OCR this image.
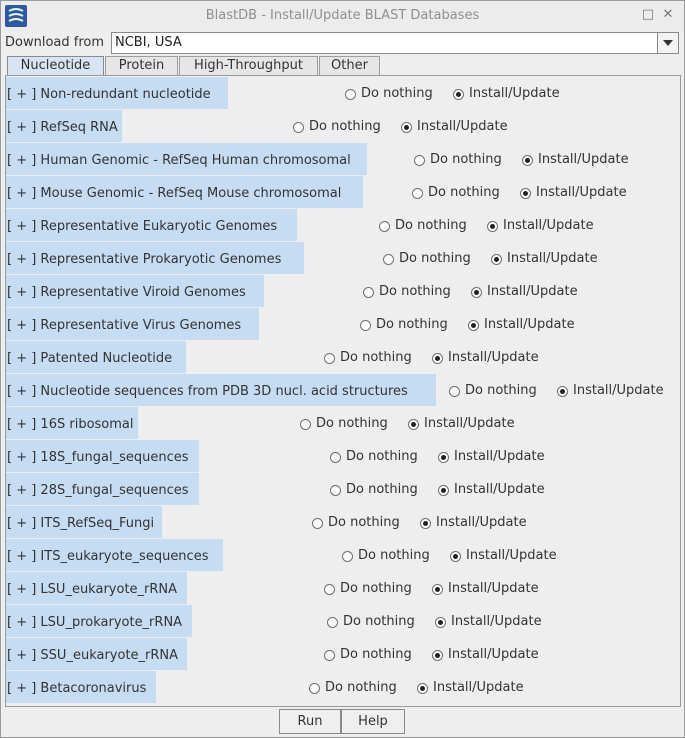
BlastDB - Install/Update BLAST Databases	□ ✕
Download from NCBI, USA
Nucleotide	Protein	High-Throughput	Other
[ + ] Non-redundant nucleotide	Do nothing	Install/Update
[ + ] RefSeq RNA	Do nothing	Install/Update
[ + ] Human Genomic - RefSeq Human chromosomal	Do nothing	Install/Update
[ + ] Mouse Genomic - RefSeq Mouse chromosomal	Do nothing	Install/Update
[ + ] Representative Eukaryotic Genomes	Do nothing	Install/Update
[ + ] Representative Prokaryotic Genomes	Do nothing	Install/Update
[ + ] Representative Viroid Genomes	Do nothing	Install/Update
[ + ] Representative Virus Genomes	Do nothing	Install/Update
[ + ] Patented Nucleotide	Do nothing	Install/Update
[ + ] Nucleotide sequences from PDB 3D nucl. acid structures	Do nothing	Install/Update
[ + ] 16S ribosomal	Do nothing	Install/Update
[ + ] 18S_fungal_sequences	Do nothing	Install/Update
[ + ] 28S_fungal_sequences	Do nothing	Install/Update
[ + ] ITS_RefSeq_Fungi	Do nothing	Install/Update
[ + ] ITS_eukaryote_sequences	Do nothing	Install/Update
[ + ] LSU_eukaryote_rRNA	Do nothing	Install/Update
[ + ] LSU_prokaryote_rRNA	Do nothing	Install/Update
[ + ] SSU_eukaryote_rRNA	Do nothing	Install/Update
[ + ] Betacoronavirus	Do nothing	Install/Update
Run	Help
